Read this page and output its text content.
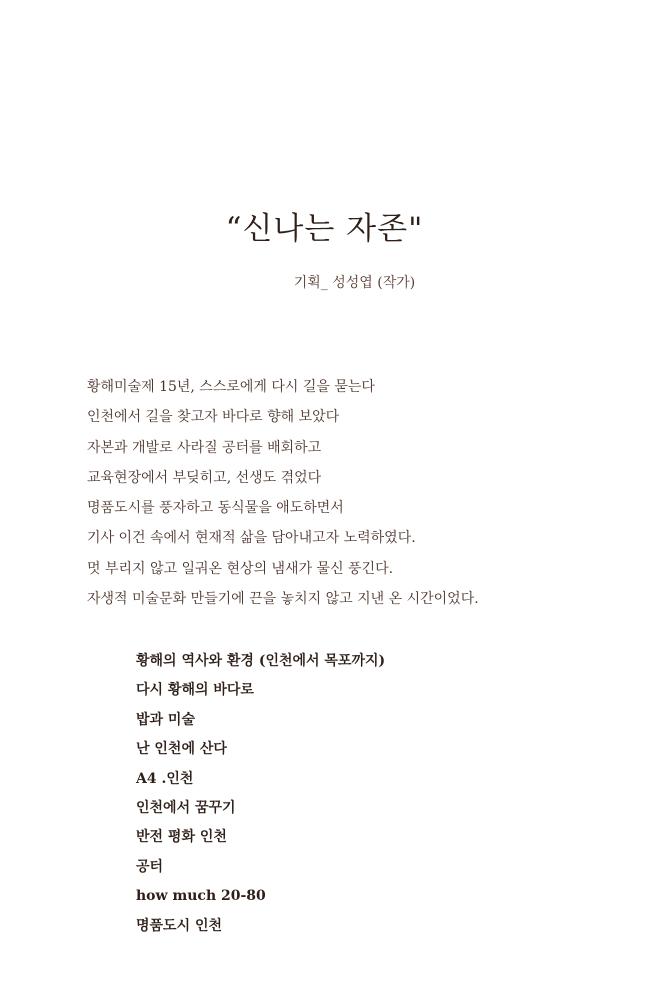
“신나는 자존"
기획_ 성성엽 (작가)
황해미술제 15년, 스스로에게 다시 길을 묻는다
인천에서 길을 찾고자 바다로 향해 보았다
자본과 개발로 사라질 공터를 배회하고
교육현장에서 부딪히고, 선생도 겪었다
명품도시를 풍자하고 동식물을 애도하면서
기사 이건 속에서 현재적 삶을 담아내고자 노력하였다.
멋 부리지 않고 일궈온 현상의 냄새가 물신 풍긴다.
자생적 미술문화 만들기에 끈을 놓치지 않고 지낸 온 시간이었다.
황해의 역사와 환경 (인천에서 목포까지)
다시 황해의 바다로
밥과 미술
난 인천에 산다
A4 .인천
인천에서 꿈꾸기
반전 평화 인천
공터
how much 20-80
명품도시 인천
